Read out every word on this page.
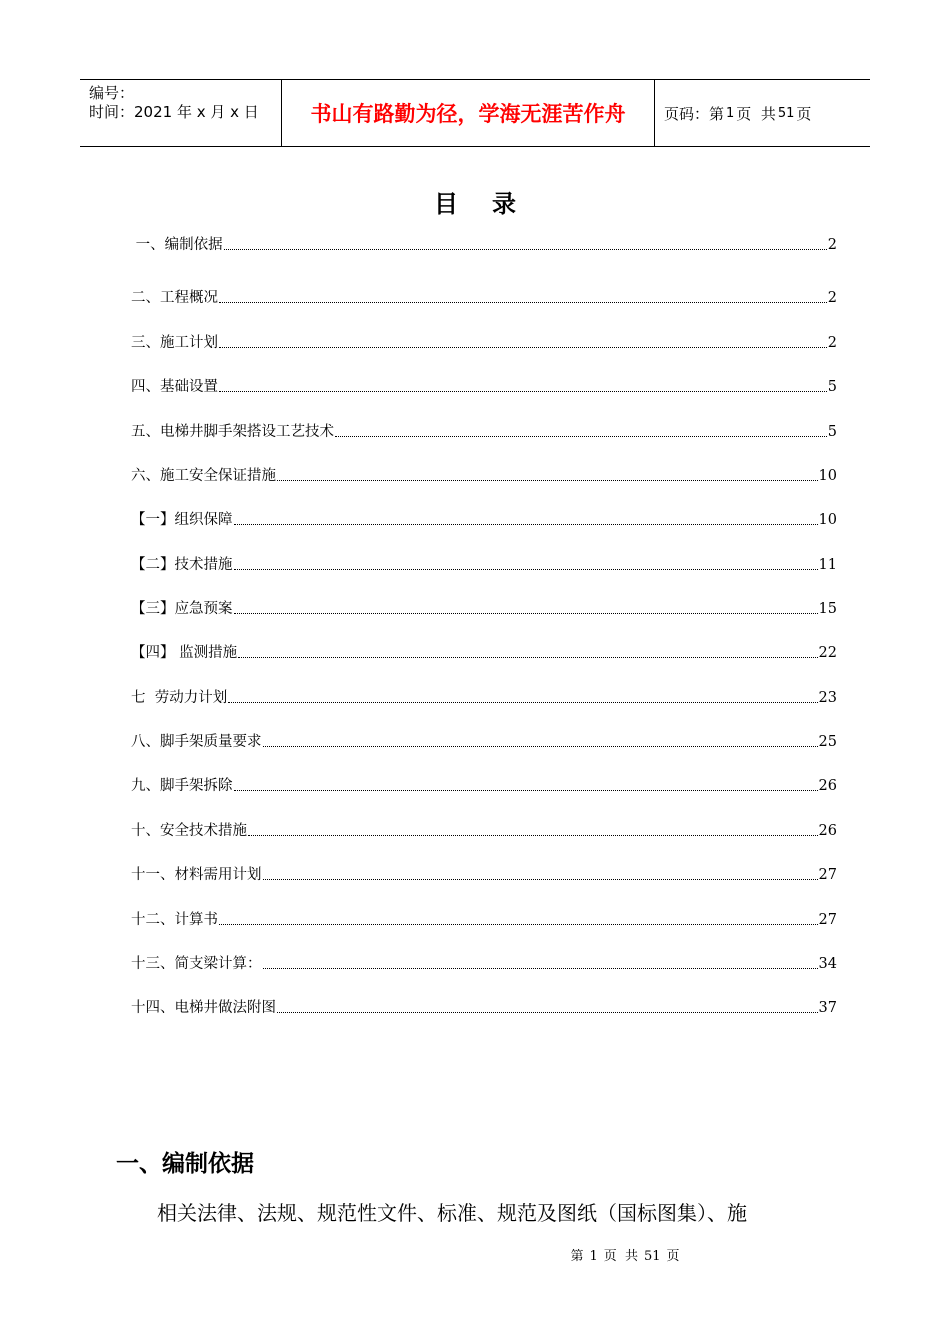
编号：
时间：2021 年 x 月 x 日	书山有路勤为径，学海无涯苦作舟	页码：第 1 页  共 51 页
目录
一、编制依据	2
二、工程概况	2
三、施工计划	2
四、基础设置	5
五、电梯井脚手架搭设工艺技术	5
六、施工安全保证措施	10
【一】组织保障	10
【二】技术措施	11
【三】应急预案	15
【四】 监测措施	22
七  劳动力计划	23
八、脚手架质量要求	25
九、脚手架拆除	26
十、安全技术措施	26
十一、材料需用计划	27
十二、计算书	27
十三、简支梁计算：	34
十四、电梯井做法附图	37
一、编制依据
相关法律、法规、规范性文件、标准、规范及图纸（国标图集）、施
第 1 页  共 51 页
